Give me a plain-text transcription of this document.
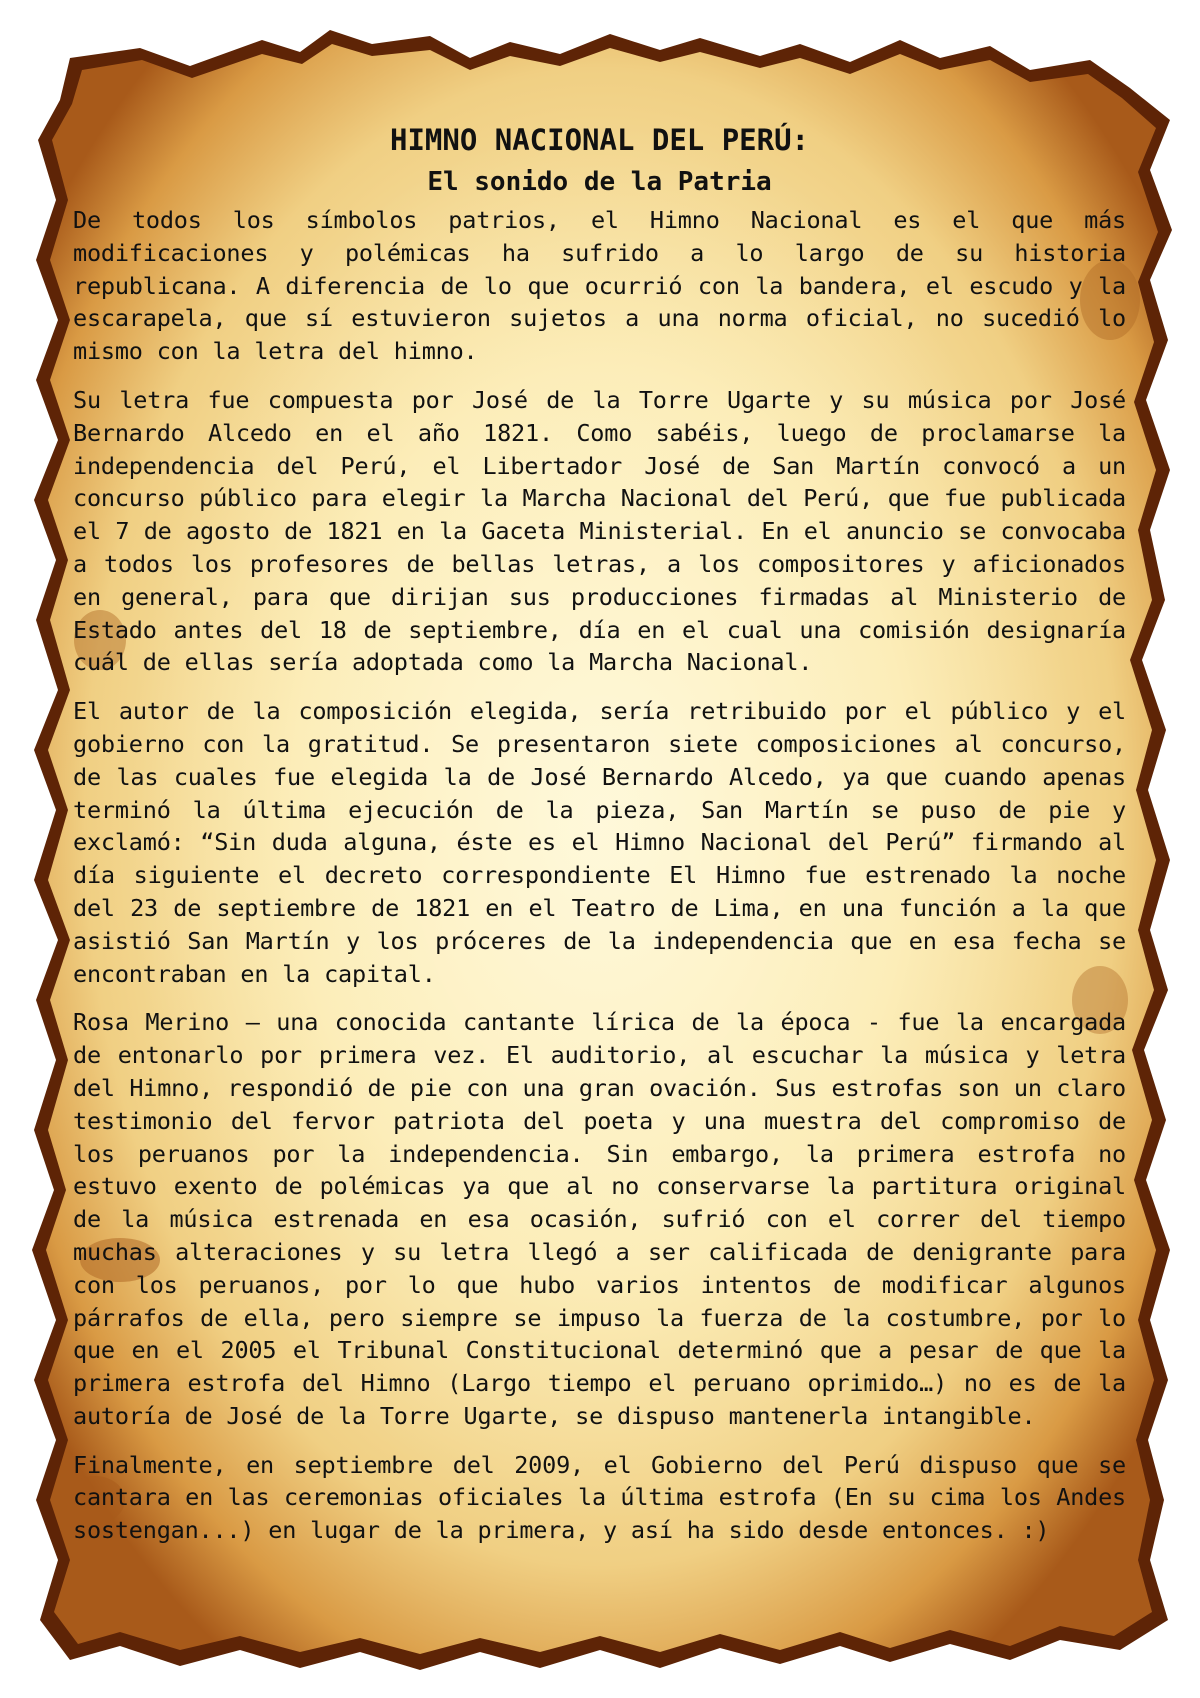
HIMNO NACIONAL DEL PERÚ:
El sonido de la Patria

De todos los símbolos patrios, el Himno Nacional es el que más modificaciones y polémicas ha sufrido a lo largo de su historia republicana. A diferencia de lo que ocurrió con la bandera, el escudo y la escarapela, que sí estuvieron sujetos a una norma oficial, no sucedió lo mismo con la letra del himno.

Su letra fue compuesta por José de la Torre Ugarte y su música por José Bernardo Alcedo en el año 1821. Como sabéis, luego de proclamarse la independencia del Perú, el Libertador José de San Martín convocó a un concurso público para elegir la Marcha Nacional del Perú, que fue publicada el 7 de agosto de 1821 en la Gaceta Ministerial. En el anuncio se convocaba a todos los profesores de bellas letras, a los compositores y aficionados en general, para que dirijan sus producciones firmadas al Ministerio de Estado antes del 18 de septiembre, día en el cual una comisión designaría cuál de ellas sería adoptada como la Marcha Nacional.

El autor de la composición elegida, sería retribuido por el público y el gobierno con la gratitud. Se presentaron siete composiciones al concurso, de las cuales fue elegida la de José Bernardo Alcedo, ya que cuando apenas terminó la última ejecución de la pieza, San Martín se puso de pie y exclamó: “Sin duda alguna, éste es el Himno Nacional del Perú” firmando al día siguiente el decreto correspondiente El Himno fue estrenado la noche del 23 de septiembre de 1821 en el Teatro de Lima, en una función a la que asistió San Martín y los próceres de la independencia que en esa fecha se encontraban en la capital.

Rosa Merino – una conocida cantante lírica de la época - fue la encargada de entonarlo por primera vez. El auditorio, al escuchar la música y letra del Himno, respondió de pie con una gran ovación. Sus estrofas son un claro testimonio del fervor patriota del poeta y una muestra del compromiso de los peruanos por la independencia. Sin embargo, la primera estrofa no estuvo exento de polémicas ya que al no conservarse la partitura original de la música estrenada en esa ocasión, sufrió con el correr del tiempo muchas alteraciones y su letra llegó a ser calificada de denigrante para con los peruanos, por lo que hubo varios intentos de modificar algunos párrafos de ella, pero siempre se impuso la fuerza de la costumbre, por lo que en el 2005 el Tribunal Constitucional determinó que a pesar de que la primera estrofa del Himno (Largo tiempo el peruano oprimido…) no es de la autoría de José de la Torre Ugarte, se dispuso mantenerla intangible.

Finalmente, en septiembre del 2009, el Gobierno del Perú dispuso que se cantara en las ceremonias oficiales la última estrofa (En su cima los Andes sostengan...) en lugar de la primera, y así ha sido desde entonces. :)
